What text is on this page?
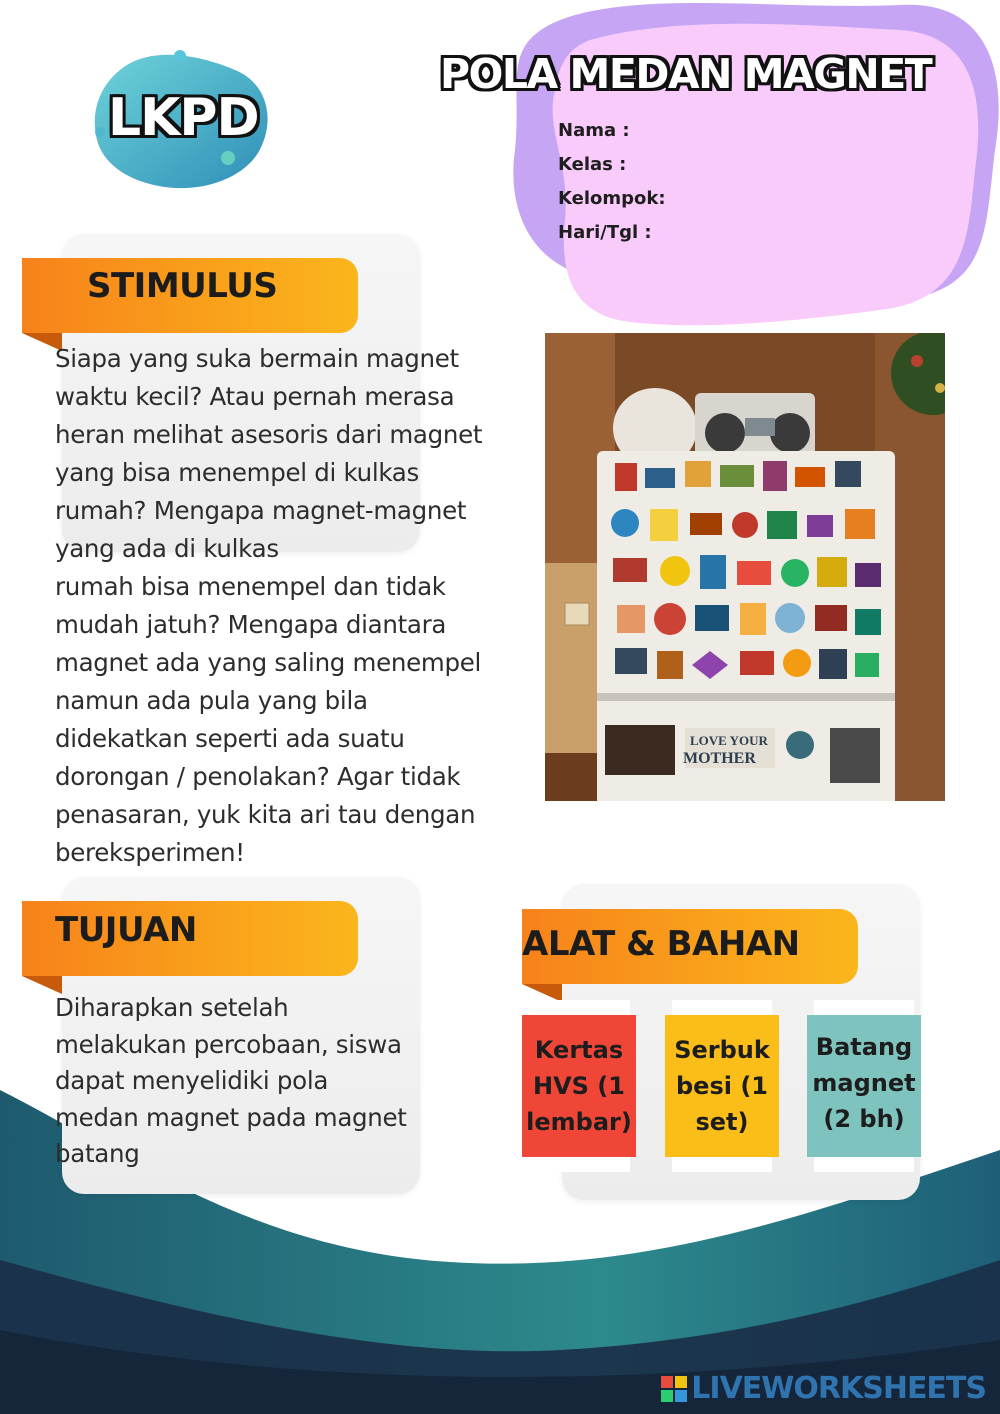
LKPD
POLA MEDAN MAGNET
Nama :
Kelas :
Kelompok:
Hari/Tgl :
STIMULUS
Siapa yang suka bermain magnet
waktu kecil? Atau pernah merasa
heran melihat asesoris dari magnet
yang bisa menempel di kulkas
rumah? Mengapa magnet-magnet
yang ada di kulkas
rumah bisa menempel dan tidak
mudah jatuh? Mengapa diantara
magnet ada yang saling menempel
namun ada pula yang bila
didekatkan seperti ada suatu
dorongan / penolakan? Agar tidak
penasaran, yuk kita ari tau dengan
bereksperimen!
LOVE YOUR
MOTHER
TUJUAN
Diharapkan setelah
melakukan percobaan, siswa
dapat menyelidiki pola
medan magnet pada magnet
batang
ALAT & BAHAN
Kertas
HVS (1
lembar)
Serbuk
besi (1
set)
Batang
magnet
(2 bh)
LIVEWORKSHEETS
